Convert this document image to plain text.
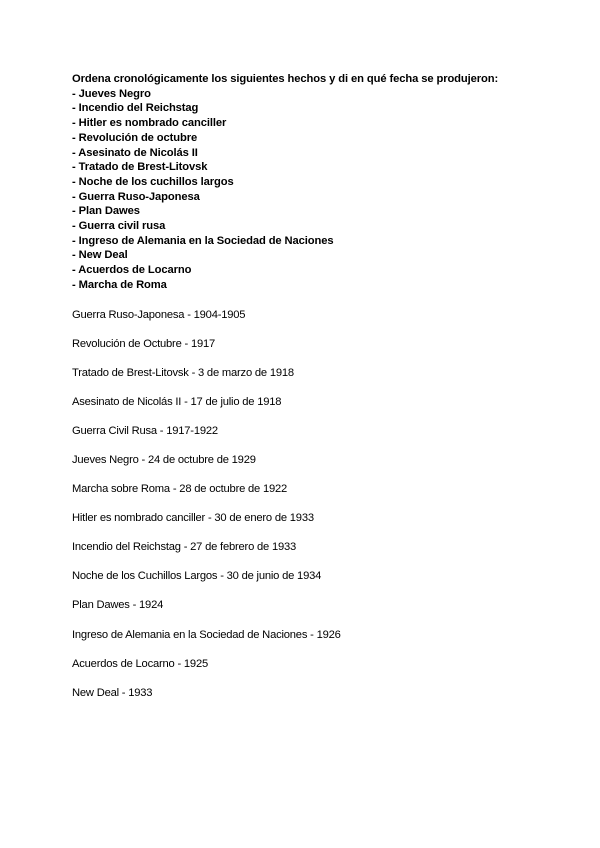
Ordena cronológicamente los siguientes hechos y di en qué fecha se produjeron:

- Jueves Negro
- Incendio del Reichstag
- Hitler es nombrado canciller
- Revolución de octubre
- Asesinato de Nicolás II
- Tratado de Brest-Litovsk
- Noche de los cuchillos largos
- Guerra Ruso-Japonesa
- Plan Dawes
- Guerra civil rusa
- Ingreso de Alemania en la Sociedad de Naciones
- New Deal
- Acuerdos de Locarno
- Marcha de Roma
Guerra Ruso-Japonesa - 1904-1905
Revolución de Octubre - 1917
Tratado de Brest-Litovsk - 3 de marzo de 1918
Asesinato de Nicolás II - 17 de julio de 1918
Guerra Civil Rusa - 1917-1922
Jueves Negro - 24 de octubre de 1929
Marcha sobre Roma - 28 de octubre de 1922
Hitler es nombrado canciller - 30 de enero de 1933
Incendio del Reichstag - 27 de febrero de 1933
Noche de los Cuchillos Largos - 30 de junio de 1934
Plan Dawes - 1924
Ingreso de Alemania en la Sociedad de Naciones - 1926
Acuerdos de Locarno - 1925
New Deal - 1933
